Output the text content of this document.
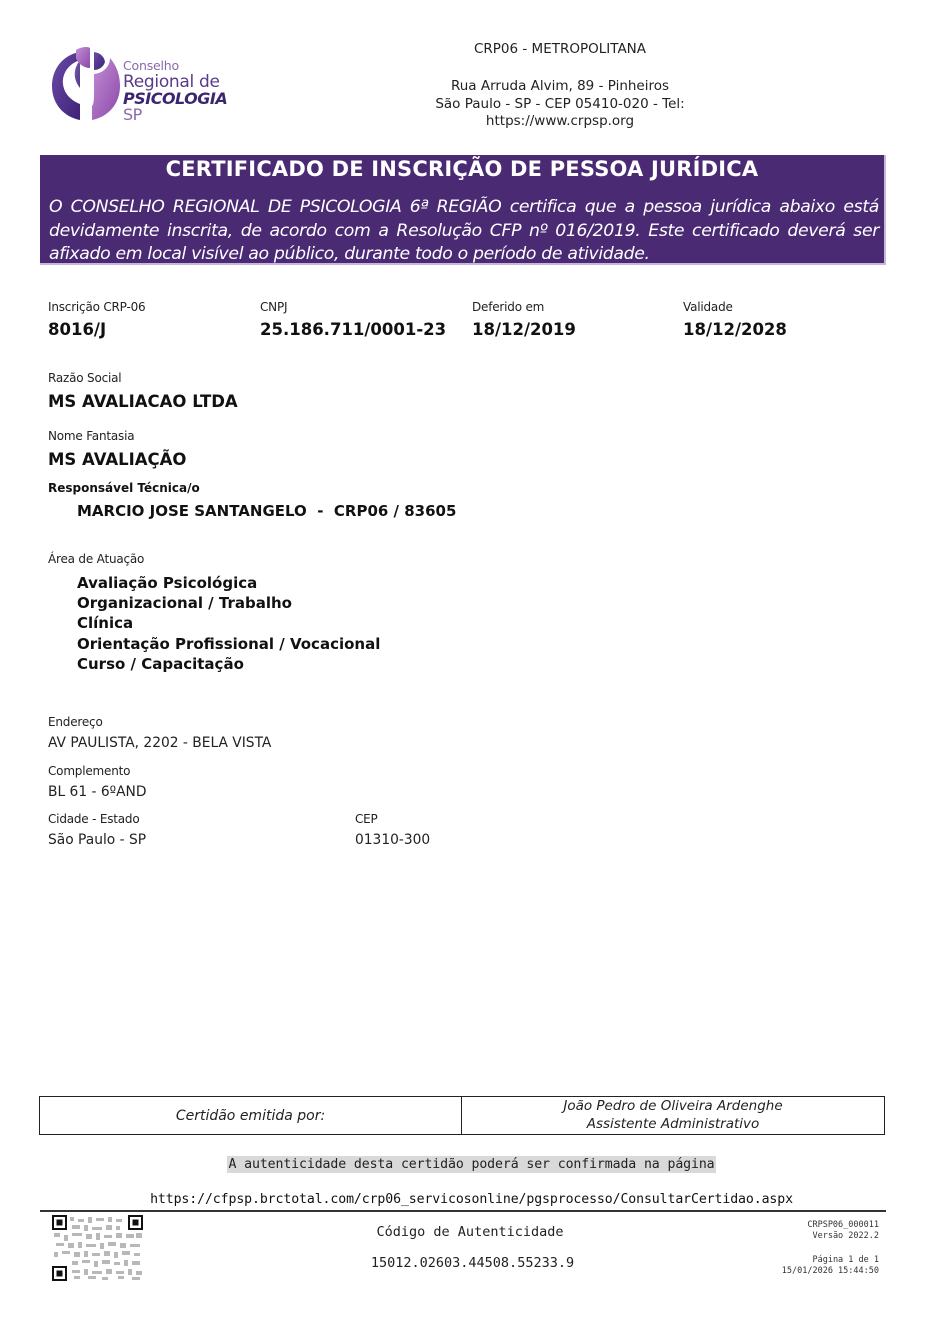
Conselho
Regional de
PSICOLOGIA SP
CRP06 - METROPOLITANA
Rua Arruda Alvim, 89 - Pinheiros
São Paulo - SP - CEP 05410-020 - Tel:
https://www.crpsp.org
CERTIFICADO DE INSCRIÇÃO DE PESSOA JURÍDICA
O CONSELHO REGIONAL DE PSICOLOGIA 6ª REGIÃO certifica que a pessoa jurídica abaixo está devidamente inscrita, de acordo com a Resolução CFP nº 016/2019. Este certificado deverá ser afixado em local visível ao público, durante todo o período de atividade.
Inscrição CRP-06
8016/J
CNPJ
25.186.711/0001-23
Deferido em
18/12/2019
Validade
18/12/2028
Razão Social
MS AVALIACAO LTDA
Nome Fantasia
MS AVALIAÇÃO
Responsável Técnica/o
MARCIO JOSE SANTANGELO  -  CRP06 / 83605
Área de Atuação
Avaliação Psicológica
Organizacional / Trabalho
Clínica
Orientação Profissional / Vocacional
Curso / Capacitação
Endereço
AV PAULISTA, 2202 - BELA VISTA
Complemento
BL 61 - 6ºAND
Cidade - Estado
São Paulo - SP
CEP
01310-300
Certidão emitida por:
João Pedro de Oliveira Ardenghe
Assistente Administrativo
A autenticidade desta certidão poderá ser confirmada na página
https://cfpsp.brctotal.com/crp06_servicosonline/pgsprocesso/ConsultarCertidao.aspx
Código de Autenticidade
15012.02603.44508.55233.9
CRPSP06_000011
Versão 2022.2
Página 1 de 1
15/01/2026 15:44:50
